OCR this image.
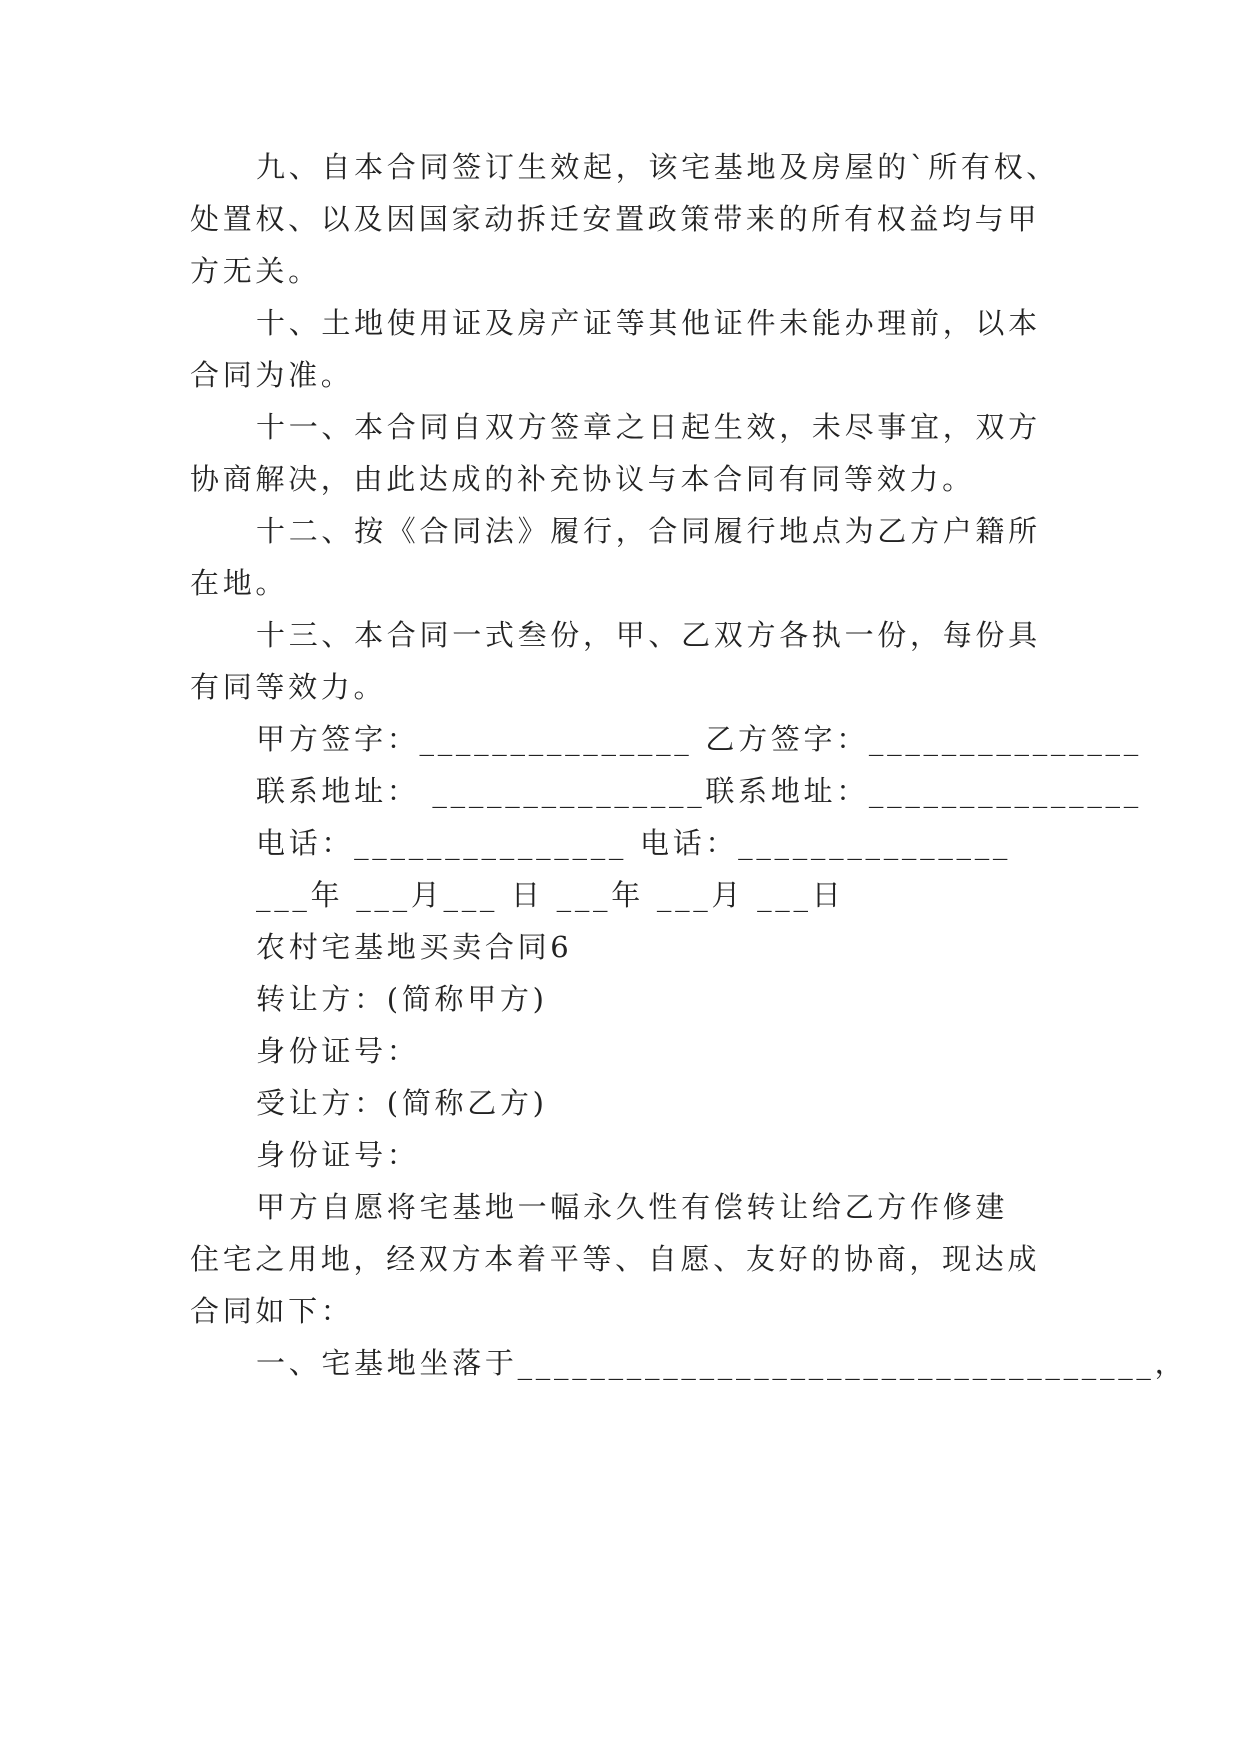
九、自本合同签订生效起，该宅基地及房屋的`所有权、
处置权、以及因国家动拆迁安置政策带来的所有权益均与甲
方无关。
十、土地使用证及房产证等其他证件未能办理前，以本
合同为准。
十一、本合同自双方签章之日起生效，未尽事宜，双方
协商解决，由此达成的补充协议与本合同有同等效力。
十二、按《合同法》履行，合同履行地点为乙方户籍所
在地。
十三、本合同一式叁份，甲、乙双方各执一份，每份具
有同等效力。
甲方签字：_______________ 乙方签字：_______________
联系地址： _______________联系地址：_______________
电话：_______________ 电话：_______________
___年 ___月___ 日 ___年 ___月 ___日
农村宅基地买卖合同6
转让方：(简称甲方)
身份证号：
受让方：(简称乙方)
身份证号：
甲方自愿将宅基地一幅永久性有偿转让给乙方作修建
住宅之用地，经双方本着平等、自愿、友好的协商，现达成
合同如下：
一、宅基地坐落于___________________________________，
